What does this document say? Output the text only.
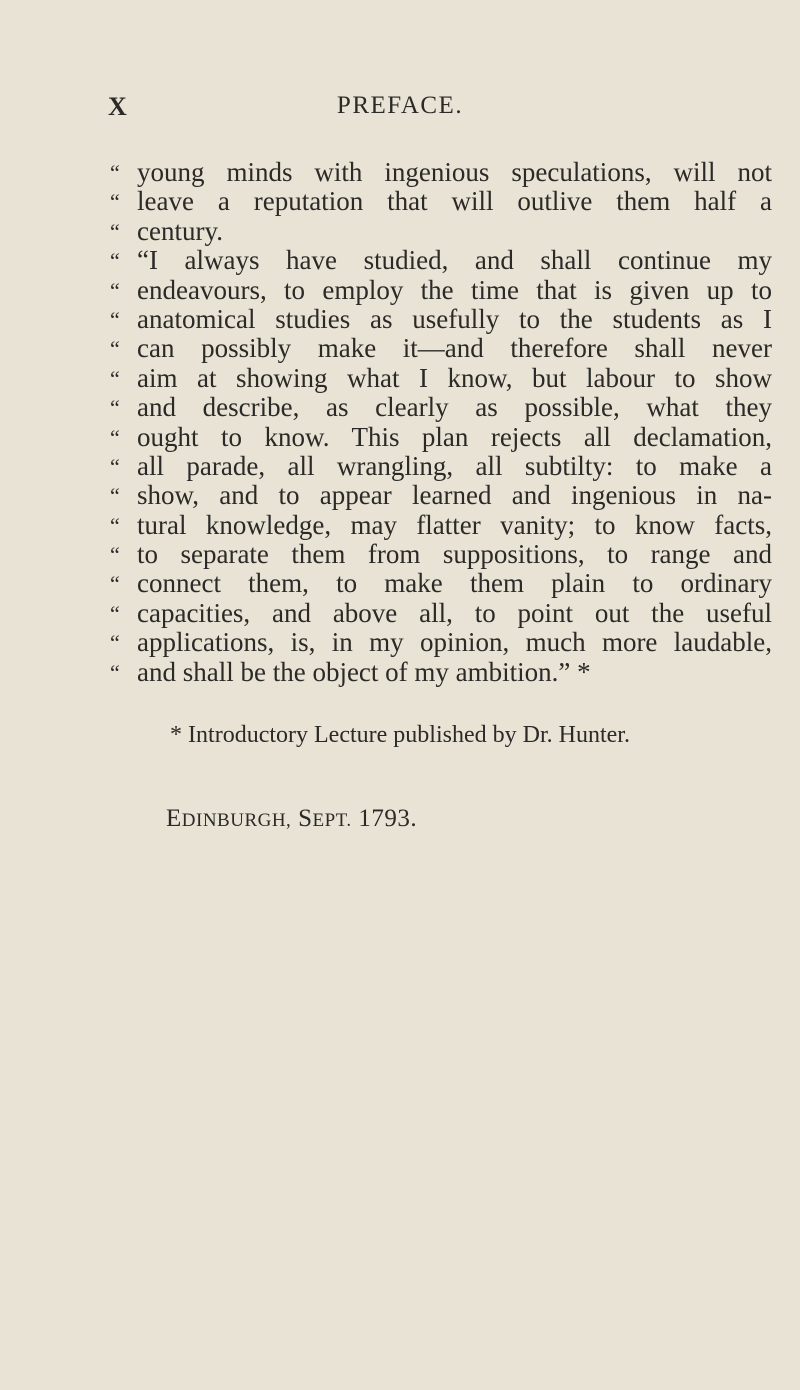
X	PREFACE.
“ young minds with ingenious speculations, will not
“ leave a reputation that will outlive them half a
“ century.
“ “I always have studied, and shall continue my
“ endeavours, to employ the time that is given up to
“ anatomical studies as usefully to the students as I
“ can possibly make it—and therefore shall never
“ aim at showing what I know, but labour to show
“ and describe, as clearly as possible, what they
“ ought to know. This plan rejects all declamation,
“ all parade, all wrangling, all subtilty: to make a
“ show, and to appear learned and ingenious in na-
“ tural knowledge, may flatter vanity; to know facts,
“ to separate them from suppositions, to range and
“ connect them, to make them plain to ordinary
“ capacities, and above all, to point out the useful
“ applications, is, in my opinion, much more laudable,
“ and shall be the object of my ambition.” *
* Introductory Lecture published by Dr. Hunter.
EDINBURGH, SEPT. 1793.
